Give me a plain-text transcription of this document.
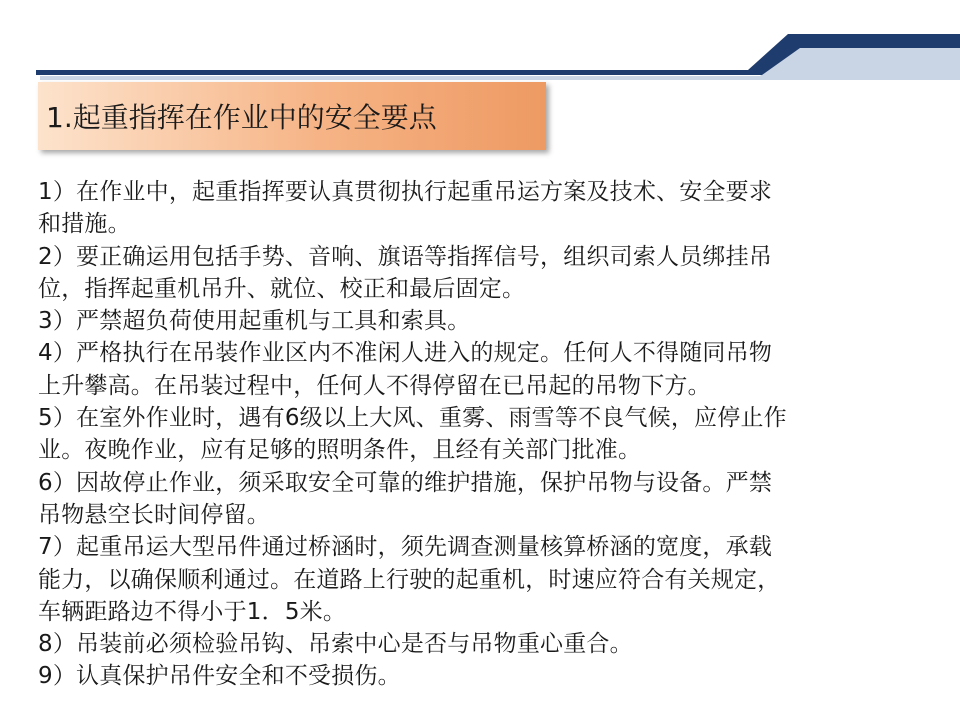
1.起重指挥在作业中的安全要点
1）在作业中，起重指挥要认真贯彻执行起重吊运方案及技术、安全要求
和措施。
2）要正确运用包括手势、音响、旗语等指挥信号，组织司索人员绑挂吊
位，指挥起重机吊升、就位、校正和最后固定。
3）严禁超负荷使用起重机与工具和索具。
4）严格执行在吊装作业区内不准闲人进入的规定。任何人不得随同吊物
上升攀高。在吊装过程中，任何人不得停留在已吊起的吊物下方。
5）在室外作业时，遇有6级以上大风、重雾、雨雪等不良气候，应停止作
业。夜晚作业，应有足够的照明条件，且经有关部门批准。
6）因故停止作业，须采取安全可靠的维护措施，保护吊物与设备。严禁
吊物悬空长时间停留。
7）起重吊运大型吊件通过桥涵时，须先调查测量核算桥涵的宽度，承载
能力，以确保顺利通过。在道路上行驶的起重机，时速应符合有关规定，
车辆距路边不得小于1．5米。
8）吊装前必须检验吊钩、吊索中心是否与吊物重心重合。
9）认真保护吊件安全和不受损伤。
